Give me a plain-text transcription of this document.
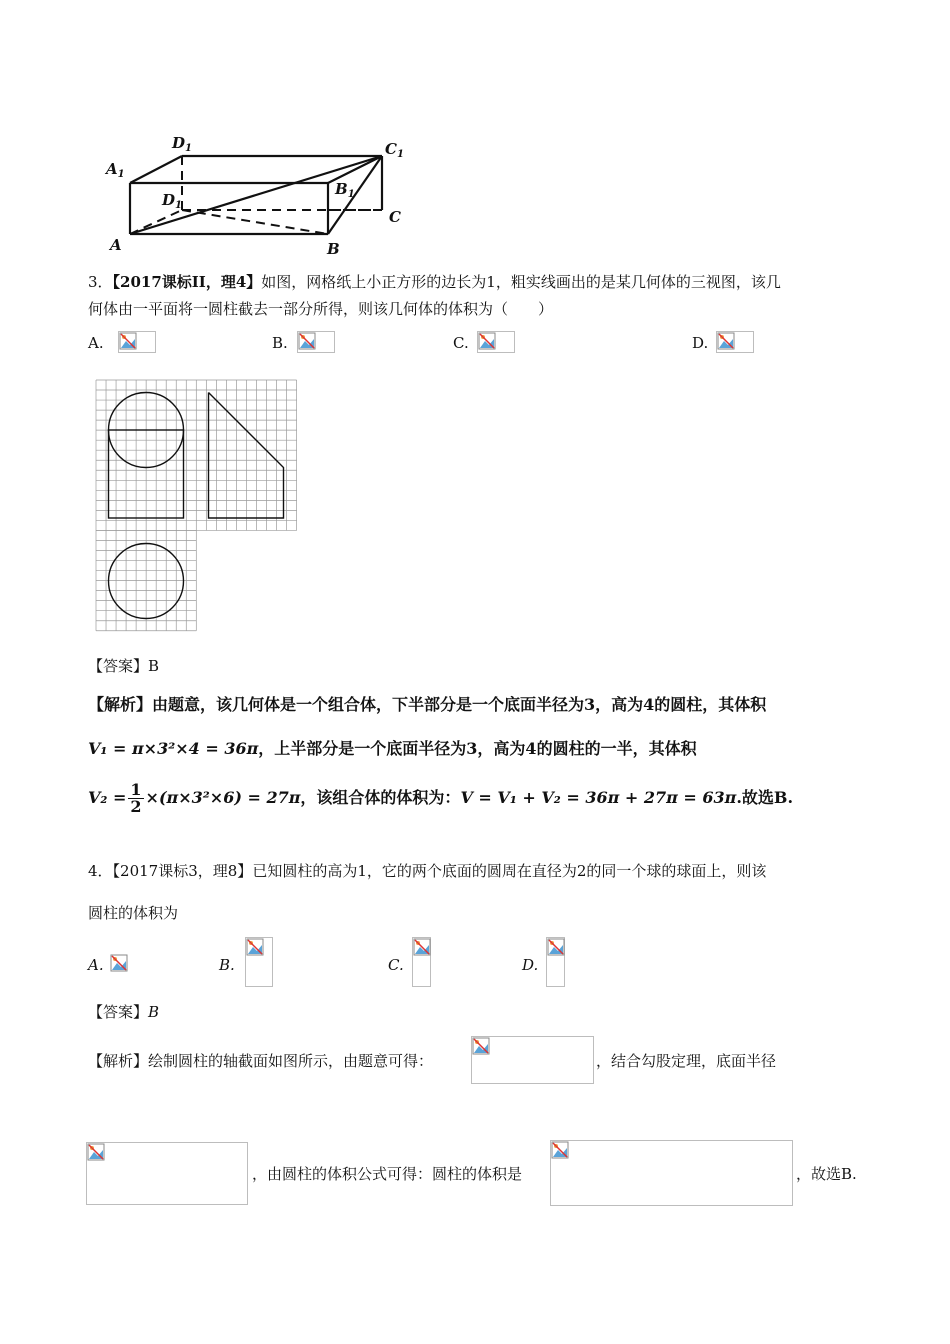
$A_1$
$D_1$	$C_1$
$B_1$
$D_1$
A	B
C
3．【2017课标II，理4】如图，网格纸上小正方形的边长为1，粗实线画出的是某几何体的三视图，该几
何体由一平面将一圆柱截去一部分所得，则该几何体的体积为（　　）
A.	B.	C.	D.
【答案】B
【解析】由题意，该几何体是一个组合体，下半部分是一个底面半径为3，高为4的圆柱，其体积
V₁ = π×3²×4 = 36π，上半部分是一个底面半径为3，高为4的圆柱的一半，其体积
$V_2 = \frac{1}{2} \times(\pi\times 3^2\times 6) = 27\pi$，该组合体的体积为：V = V₁ + V₂ = 36π + 27π = 63π.故选B.
4．【2017课标3，理8】已知圆柱的高为1，它的两个底面的圆周在直径为2的同一个球的球面上，则该
圆柱的体积为
A.	B.	C.	D.
【答案】B
【解析】绘制圆柱的轴截面如图所示，由题意可得：	，结合勾股定理，底面半径
，由圆柱的体积公式可得：圆柱的体积是	，故选B.
